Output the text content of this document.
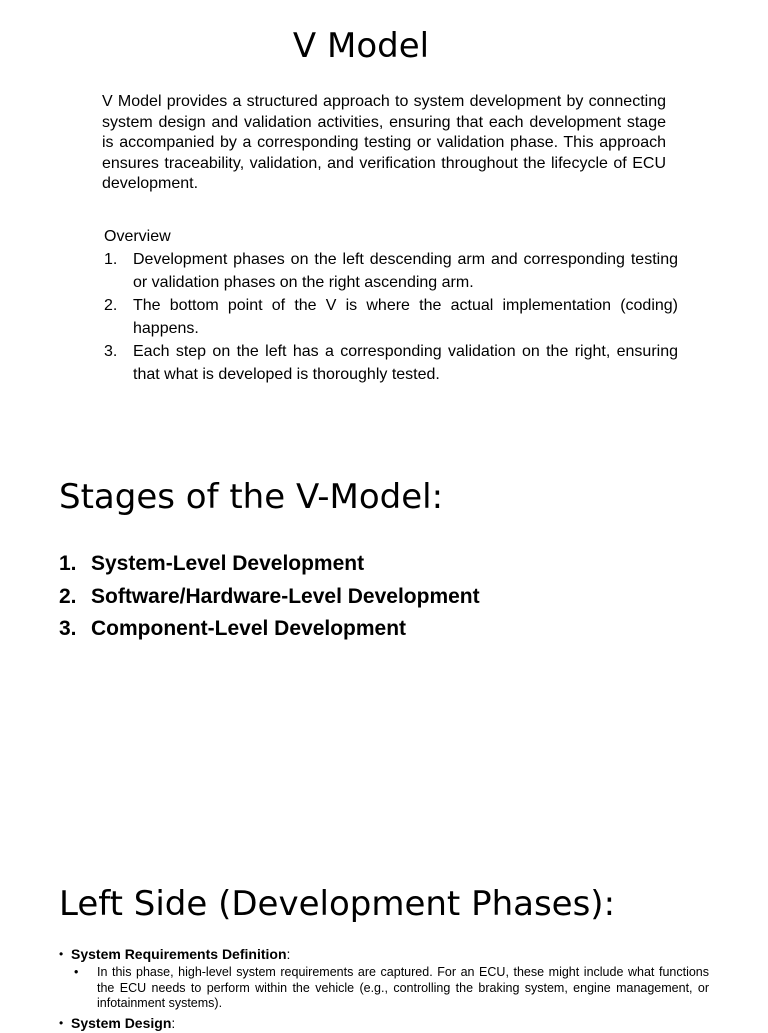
V Model

V Model provides a structured approach to system development by connecting system design and validation activities, ensuring that each development stage is accompanied by a corresponding testing or validation phase. This approach ensures traceability, validation, and verification throughout the lifecycle of ECU development.

Overview
1. Development phases on the left descending arm and corresponding testing or validation phases on the right ascending arm.
2. The bottom point of the V is where the actual implementation (coding) happens.
3. Each step on the left has a corresponding validation on the right, ensuring that what is developed is thoroughly tested.
Stages of the V-Model:
1. System-Level Development
2. Software/Hardware-Level Development
3. Component-Level Development
Left Side (Development Phases):
• System Requirements Definition:
• In this phase, high-level system requirements are captured. For an ECU, these might include what functions the ECU needs to perform within the vehicle (e.g., controlling the braking system, engine management, or infotainment systems).
• System Design:
